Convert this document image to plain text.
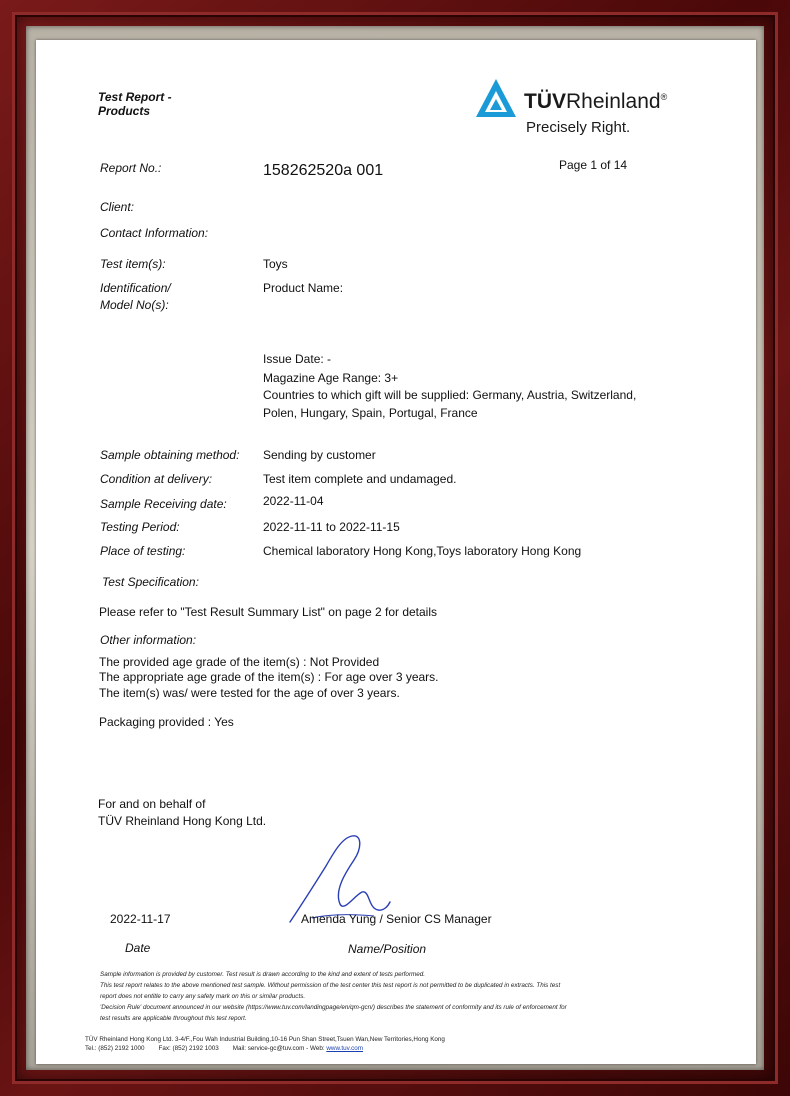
Test Report -
Products	TÜVRheinland®
Precisely Right.
Report No.:	158262520a 001	Page 1 of 14
Client:
Contact Information:
Test item(s):	Toys
Identification/
Model No(s):
Product Name:
Issue Date: -
Magazine Age Range: 3+
Countries to which gift will be supplied: Germany, Austria, Switzerland,
Polen, Hungary, Spain, Portugal, France
Sample obtaining method: Sending by customer
Condition at delivery:	Test item complete and undamaged.
Sample Receiving date:	2022-11-04
Testing Period:	2022-11-11 to 2022-11-15
Place of testing:	Chemical laboratory Hong Kong,Toys laboratory Hong Kong
Test Specification:
Please refer to "Test Result Summary List" on page 2 for details
Other information:
The provided age grade of the item(s) : Not Provided
The appropriate age grade of the item(s) : For age over 3 years.
The item(s) was/ were tested for the age of over 3 years.
Packaging provided : Yes
For and on behalf of
TÜV Rheinland Hong Kong Ltd.
2022-11-17	Amenda Yung / Senior CS Manager
Date	Name/Position
Sample information is provided by customer. Test result is drawn according to the kind and extent of tests performed.
This test report relates to the above mentioned test sample. Without permission of the test center this test report is not permitted to be duplicated in extracts. This test
report does not entitle to carry any safety mark on this or similar products.
'Decision Rule' document announced in our website (https://www.tuv.com/landingpage/en/qm-gcn/) describes the statement of conformity and its rule of enforcement for
test results are applicable throughout this test report.
TÜV Rheinland Hong Kong Ltd. 3-4/F.,Fou Wah Industrial Building,10-16 Pun Shan Street,Tsuen Wan,New Territories,Hong Kong
Tel.: (852) 2192 1000        Fax: (852) 2192 1003        Mail: service-gc@tuv.com - Web: www.tuv.com
